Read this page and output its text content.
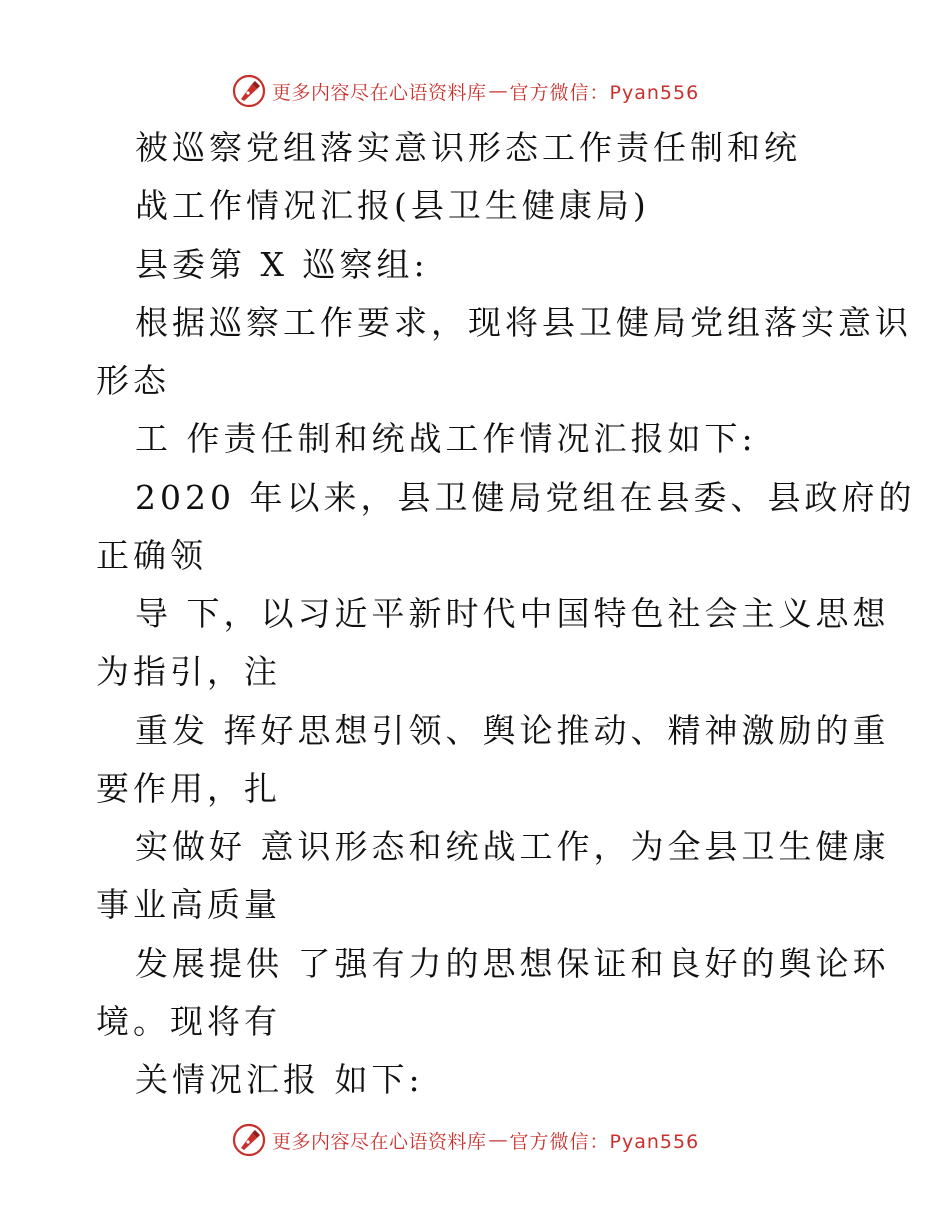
更多内容尽在心语资料库 — 官方微信：Pyan556
被巡察党组落实意识形态工作责任制和统
战工作情况汇报(县卫生健康局)
县委第 X 巡察组:
根据巡察工作要求，现将县卫健局党组落实意识
形态
工 作责任制和统战工作情况汇报如下:
2020 年以来，县卫健局党组在县委、县政府的
正确领
导 下，以习近平新时代中国特色社会主义思想
为指引，注
重发 挥好思想引领、舆论推动、精神激励的重
要作用，扎
实做好 意识形态和统战工作，为全县卫生健康
事业高质量
发展提供 了强有力的思想保证和良好的舆论环
境。现将有
关情况汇报 如下:
更多内容尽在心语资料库 — 官方微信：Pyan556
